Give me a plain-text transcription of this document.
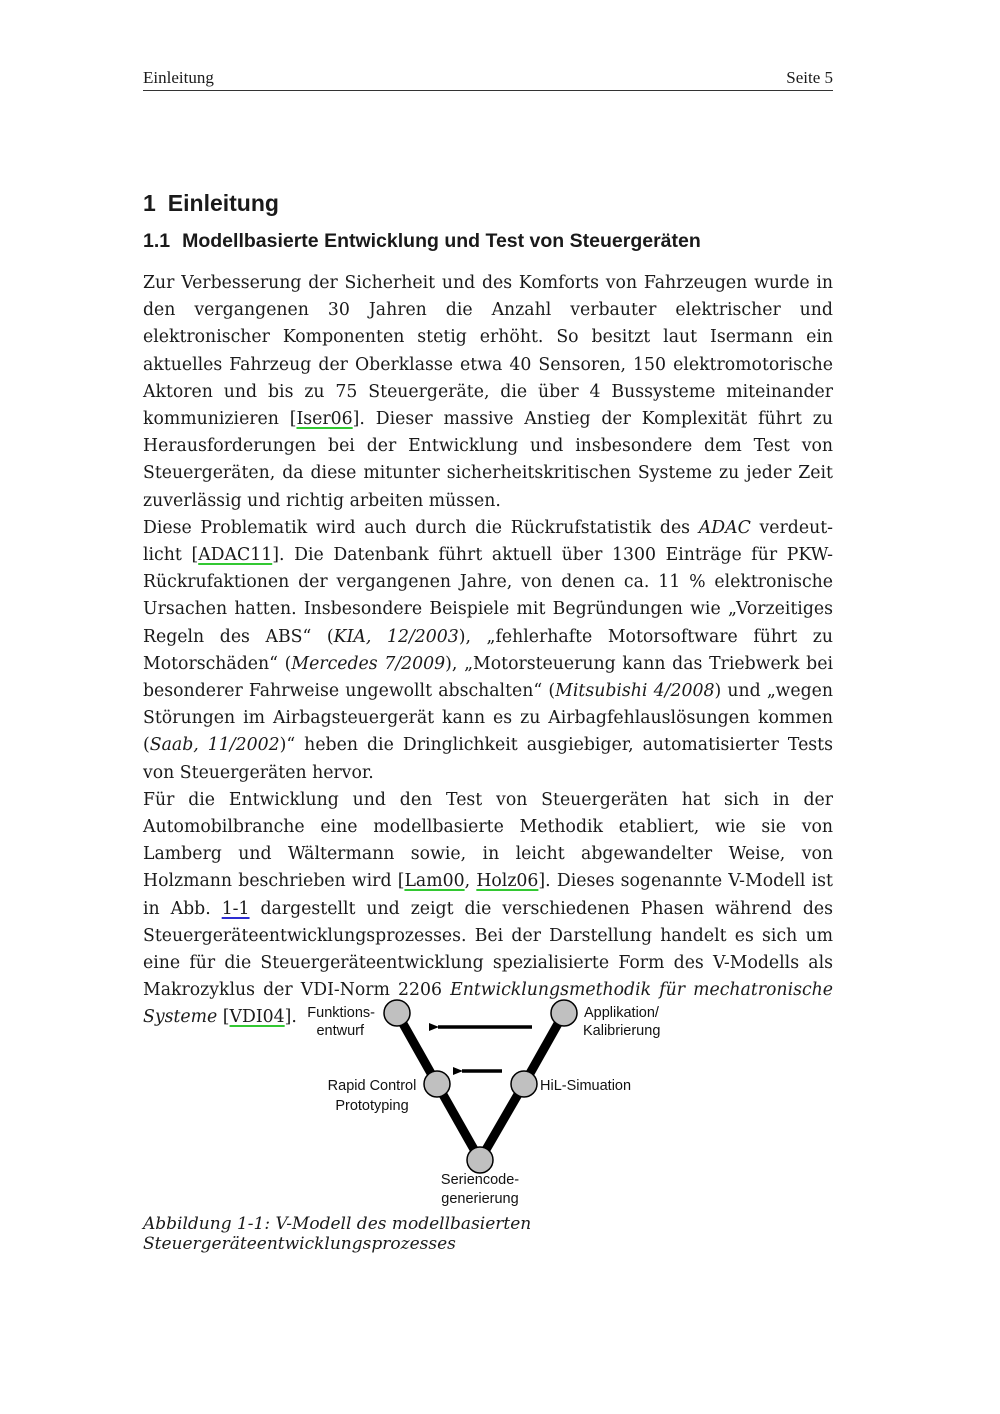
Einleitung	Seite 5
1 Einleitung
1.1 Modellbasierte Entwicklung und Test von Steuergeräten

Zur Verbesserung der Sicherheit und des Komforts von Fahrzeugen wurde in den vergangenen 30 Jahren die Anzahl verbauter elektrischer und elektronischer Komponenten stetig erhöht. So besitzt laut Isermann ein aktuelles Fahrzeug der Oberklasse etwa 40 Sensoren, 150 elektromotorische Aktoren und bis zu 75 Steuergeräte, die über 4 Bussysteme miteinander kommunizieren [Iser06]. Dieser massive Anstieg der Komplexität führt zu Herausforderungen bei der Entwicklung und insbesondere dem Test von Steuergeräten, da diese mitunter sicherheitskritischen Systeme zu jeder Zeit zuverlässig und richtig arbeiten müssen.

Diese Problematik wird auch durch die Rückrufstatistik des ADAC verdeutlicht [ADAC11]. Die Datenbank führt aktuell über 1300 Einträge für PKW-Rückrufaktionen der vergangenen Jahre, von denen ca. 11 % elektronische Ursachen hatten. Insbesondere Beispiele mit Begründungen wie „Vorzeitiges Regeln des ABS“ (KIA, 12/2003), „fehlerhafte Motorsoftware führt zu Motorschäden“ (Mercedes 7/2009), „Motorsteuerung kann das Triebwerk bei besonderer Fahrweise ungewollt abschalten“ (Mitsubishi 4/2008) und „wegen Störungen im Airbagsteuergerät kann es zu Airbagfehlauslösungen kommen (Saab, 11/2002)“ heben die Dringlichkeit ausgiebiger, automatisierter Tests von Steuergeräten hervor.

Für die Entwicklung und den Test von Steuergeräten hat sich in der Automobilbranche eine modellbasierte Methodik etabliert, wie sie von Lamberg und Wältermann sowie, in leicht abgewandelter Weise, von Holzmann beschrieben wird [Lam00, Holz06]. Dieses sogenannte V-Modell ist in Abb. 1-1 dargestellt und zeigt die verschiedenen Phasen während des Steuergeräteentwicklungsprozesses. Bei der Darstellung handelt es sich um eine für die Steuergeräteentwicklung spezialisierte Form des V-Modells als Makrozyklus der VDI-Norm 2206 Entwicklungsmethodik für mechatronische Systeme [VDI04]. Funktions-
entwurf
Applikation/
Kalibrierung
Rapid Control
Prototyping
HiL-Simuation
Seriencode-
generierung
Abbildung 1-1: V-Modell des modellbasierten Steuergeräteentwicklungsprozesses
